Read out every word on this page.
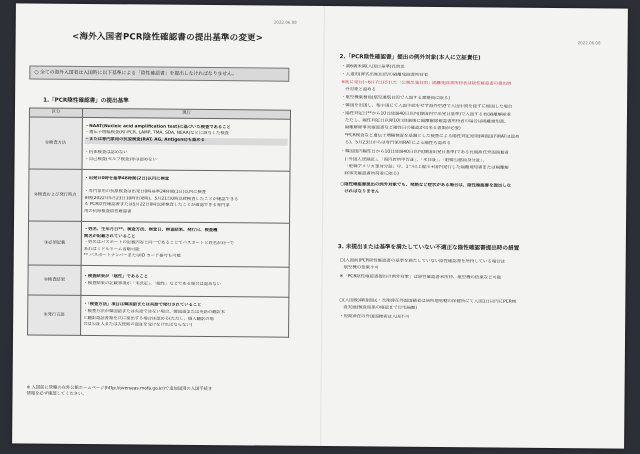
2022.06.08
<海外入国者PCR陰性確認書の提出基準の変更>
○ 全ての海外入国者は入国時に以下基準による「陰性確認書」を提出しなければなりません。
1.「PCR陰性確認書」の提出基準
区分	現行
①検査方法	・NAAT(Nucleic acid amplification test)に基づいた検査であること
・遺伝子増幅検査(RT-PCR, LAMP, TMA, SDA, NEAR)などに該当した検査
・または専門家用の抗原検査(RAT, AG, Antigens)も認める

・抗体検査は認めない
・自己検査(セルフ検査)等は認めない

②検査および発行時点	・出発日0時を基準48時間(2日)以内に検査

・専門家用の抗原検査は出発日0時基準24時間(1日)以内に検査
※例(2022年5月23日10時出発時)、5月21日0時以降検査したことが確認できる
る PCR陰性確認書または5月22日0時以降検査したことが確認できる専門家
用の抗原検査陰性確認書

③必須記載	・姓名、生年月日**、検査方法、検査日、検査結果、発行日、検査機
関名が記載されていること
・姓名はパスポートの記載内容と同一であることでパスポートと姓名が同一で
あればミドルネーム省略可能
** パスポートナンバーまたはID カード番号も可能

④検査結果	・検査結果が「陰性」であること
・検査結果の記載事項が「未決定」、「陽性」などである場合は認めない

⑤発行言語	・「検査方法」項目は韓国語または英語で発行されていること
・検査方法が韓国語または英語ではない場合、韓国語または英語の翻訳本
と翻訳認証書類を共に提出する場合は認める(ただし、個人翻訳の場
合は公証人または大使館の認証を受けなければならない)
※ 入国前に管轄の在外公館ホームページ(http://overseas.mofa.go.kr)で追加国別の入国手続き
情報を必ず確認してください。
2022.06.08
2.「PCR陰性確認書」提出の例外対象(本人に立証責任)
・満6歳未満(入国日基準)乳幼児
・人道的(葬式出席)目的の隔離免除書所持者
※既に発行(~6月7日)された「公務出張目的」隔離免除書所持者は陰性確認書の提出例
外対象と認める
・航空機乗務員(航空運航目的で入国する乗務員に限る)
・韓国を出国し、相手国にて入国手続をせず海外空港で入国手続を経ずに帰国した場合
・陽性判定日**から10日経過40日以内(韓国内で出発日基準)で入国する者(隔離解除者
ただし、陽性判定日以降10日経過後に隔離解除確認書所持者の場合は隔離通知書、
隔離解除事実確認書など陽性日の確認が出来る書類が必要)
*PCR検査など遺伝子増幅検査を基盤とした検査による陽性判定原則(韓国国内RATは認め
る)、5月23日からは専門家用RATによる陽性も認める
・韓国国内陽性日から10日経過40日以内(韓国出発日基準)である長期滞在外国国籍者
(「外国人登録証」、「国内居所申告証」、「永住証」、「駐韓公館員身分証」、
「駐韓アメリカ軍身分証」中、1つ以上提示+国内発行した隔離通知書または隔離解
除事実確認書所持者に限る)
○陰性確認書提出の例外対象でも、発熱など症状がある場合は、陰性確認書を提出しな
ければなりません
3. 未提出または基準を満たしていない不適正な陰性確認書提出時の措置
○(入国前)PCR陰性確認書の基準を満たしていない陰性確認書を所持している場合は
航空機の搭乗不可
※「PCR陰性確認書提出の例外対象」は陰性確認書未所持、航空機の搭乗など可能
○(入国後)韓国国民・長期滞在外国国籍者は居所地管轄の保健所にて入国1日以内にPCR検
査実施(検査結果の確認まで自宅隔離)
・短期滞在の外国国籍者は入国不可
